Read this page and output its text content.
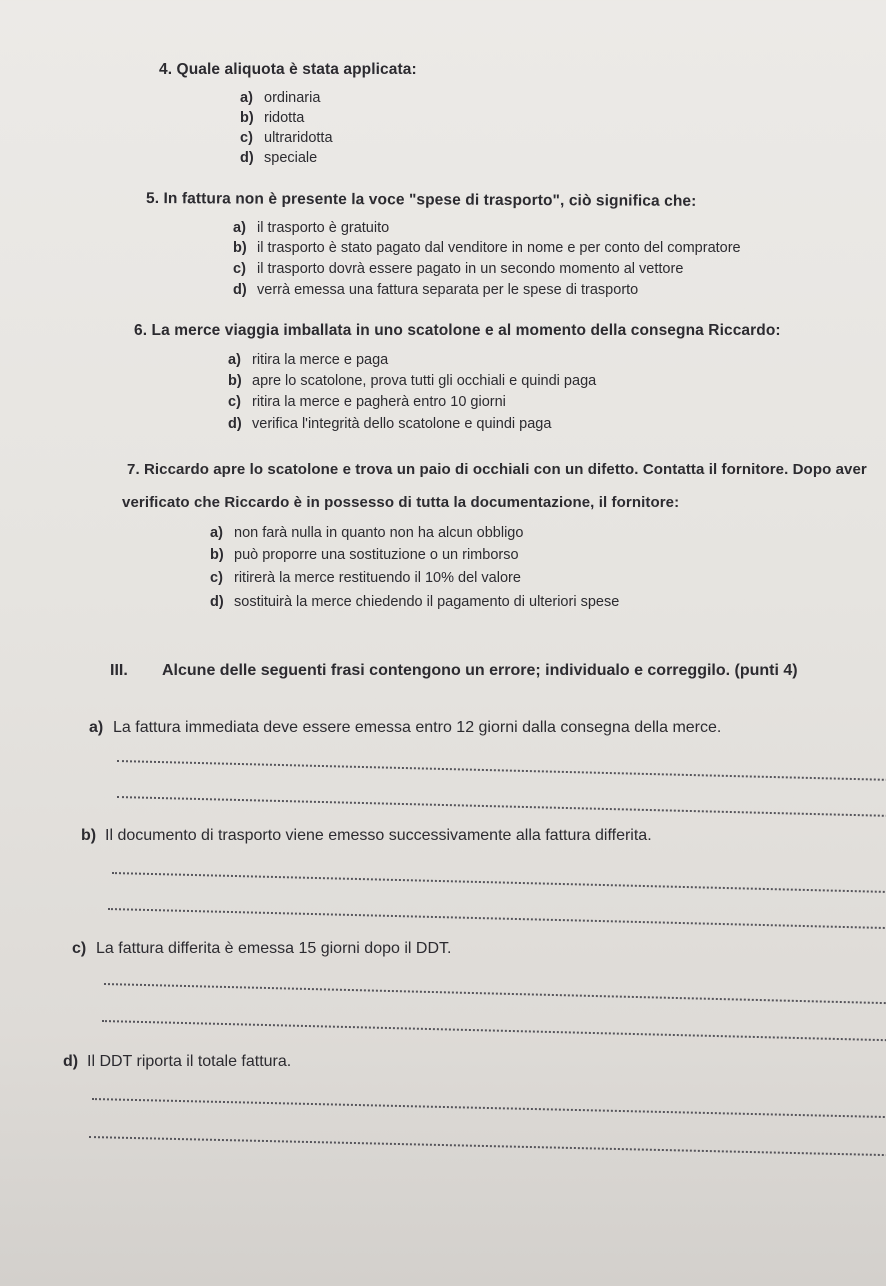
4. Quale aliquota è stata applicata:
a) ordinaria
b) ridotta
c) ultraridotta
d) speciale
5. In fattura non è presente la voce "spese di trasporto", ciò significa che:
a) il trasporto è gratuito
b) il trasporto è stato pagato dal venditore in nome e per conto del compratore
c) il trasporto dovrà essere pagato in un secondo momento al vettore
d) verrà emessa una fattura separata per le spese di trasporto
6. La merce viaggia imballata in uno scatolone e al momento della consegna Riccardo:
a) ritira la merce e paga
b) apre lo scatolone, prova tutti gli occhiali e quindi paga
c) ritira la merce e pagherà entro 10 giorni
d) verifica l'integrità dello scatolone e quindi paga
7. Riccardo apre lo scatolone e trova un paio di occhiali con un difetto. Contatta il fornitore. Dopo aver
verificato che Riccardo è in possesso di tutta la documentazione, il fornitore:
a) non farà nulla in quanto non ha alcun obbligo
b) può proporre una sostituzione o un rimborso
c) ritirerà la merce restituendo il 10% del valore
d) sostituirà la merce chiedendo il pagamento di ulteriori spese
III. Alcune delle seguenti frasi contengono un errore; individualo e correggilo. (punti 4)
a) La fattura immediata deve essere emessa entro 12 giorni dalla consegna della merce.
b) Il documento di trasporto viene emesso successivamente alla fattura differita.
c) La fattura differita è emessa 15 giorni dopo il DDT.
d) Il DDT riporta il totale fattura.
